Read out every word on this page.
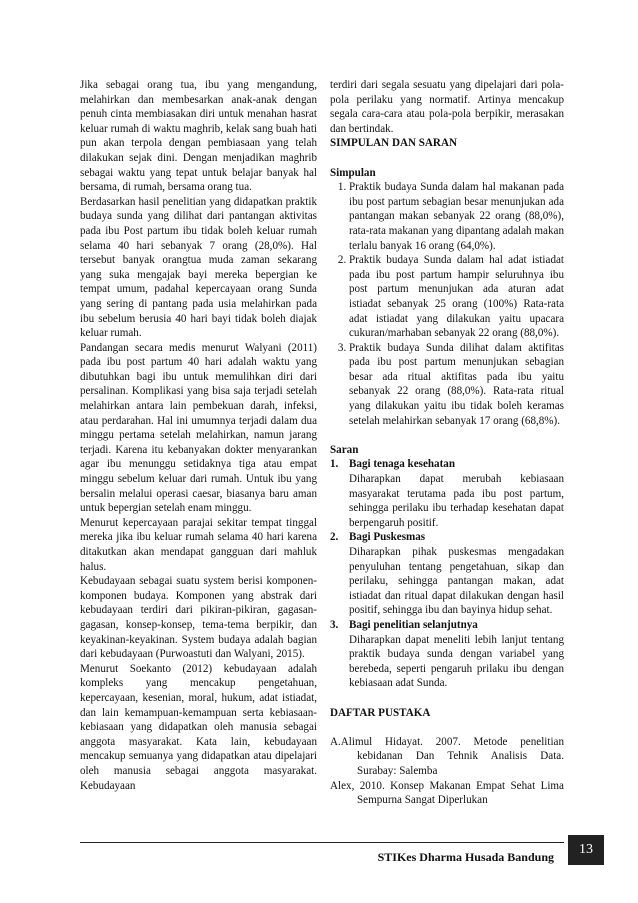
Jika sebagai orang tua, ibu yang mengandung, melahirkan dan membesarkan anak-anak dengan penuh cinta membiasakan diri untuk menahan hasrat keluar rumah di waktu maghrib, kelak sang buah hati pun akan terpola dengan pembiasaan yang telah dilakukan sejak dini. Dengan menjadikan maghrib sebagai waktu yang tepat untuk belajar banyak hal bersama, di rumah, bersama orang tua.

Berdasarkan hasil penelitian yang didapatkan praktik budaya sunda yang dilihat dari pantangan aktivitas pada ibu Post partum ibu tidak boleh keluar rumah selama 40 hari sebanyak 7 orang (28,0%). Hal tersebut banyak orangtua muda zaman sekarang yang suka mengajak bayi mereka bepergian ke tempat umum, padahal kepercayaan orang Sunda yang sering di pantang pada usia melahirkan pada ibu sebelum berusia 40 hari bayi tidak boleh diajak keluar rumah.

Pandangan secara medis menurut Walyani (2011) pada ibu post partum 40 hari adalah waktu yang dibutuhkan bagi ibu untuk memulihkan diri dari persalinan. Komplikasi yang bisa saja terjadi setelah melahirkan antara lain pembekuan darah, infeksi, atau perdarahan. Hal ini umumnya terjadi dalam dua minggu pertama setelah melahirkan, namun jarang terjadi. Karena itu kebanyakan dokter menyarankan agar ibu menunggu setidaknya tiga atau empat minggu sebelum keluar dari rumah. Untuk ibu yang bersalin melalui operasi caesar, biasanya baru aman untuk bepergian setelah enam minggu.

Menurut kepercayaan parajai sekitar tempat tinggal mereka jika ibu keluar rumah selama 40 hari karena ditakutkan akan mendapat gangguan dari mahluk halus.

Kebudayaan sebagai suatu system berisi komponen-komponen budaya. Komponen yang abstrak dari kebudayaan terdiri dari pikiran-pikiran, gagasan-gagasan, konsep-konsep, tema-tema berpikir, dan keyakinan-keyakinan. System budaya adalah bagian dari kebudayaan (Purwoastuti dan Walyani, 2015).

Menurut Soekanto (2012) kebudayaan adalah kompleks yang mencakup pengetahuan, kepercayaan, kesenian, moral, hukum, adat istiadat, dan lain kemampuan-kemampuan serta kebiasaan-kebiasaan yang didapatkan oleh manusia sebagai anggota masyarakat. Kata lain, kebudayaan mencakup semuanya yang didapatkan atau dipelajari oleh manusia sebagai anggota masyarakat. Kebudayaan

terdiri dari segala sesuatu yang dipelajari dari pola-pola perilaku yang normatif. Artinya mencakup segala cara-cara atau pola-pola berpikir, merasakan dan bertindak.

SIMPULAN DAN SARAN

Simpulan

1. Praktik budaya Sunda dalam hal makanan pada ibu post partum sebagian besar menunjukan ada pantangan makan sebanyak 22 orang (88,0%), rata-rata makanan yang dipantang adalah makan terlalu banyak 16 orang (64,0%).
2. Praktik budaya Sunda dalam hal adat istiadat pada ibu post partum hampir seluruhnya ibu post partum menunjukan ada aturan adat istiadat sebanyak 25 orang (100%) Rata-rata adat istiadat yang dilakukan yaitu upacara cukuran/marhaban sebanyak 22 orang (88,0%).
3. Praktik budaya Sunda dilihat dalam aktifitas pada ibu post partum menunjukan sebagian besar ada ritual aktifitas pada ibu yaitu sebanyak 22 orang (88,0%). Rata-rata ritual yang dilakukan yaitu ibu tidak boleh keramas setelah melahirkan sebanyak 17 orang (68,8%).

Saran

1. Bagi tenaga kesehatan

Diharapkan dapat merubah kebiasaan masyarakat terutama pada ibu post partum, sehingga perilaku ibu terhadap kesehatan dapat berpengaruh positif.

2. Bagi Puskesmas

Diharapkan pihak puskesmas mengadakan penyuluhan tentang pengetahuan, sikap dan perilaku, sehingga pantangan makan, adat istiadat dan ritual dapat dilakukan dengan hasil positif, sehingga ibu dan bayinya hidup sehat.

3. Bagi penelitian selanjutnya

Diharapkan dapat meneliti lebih lanjut tentang praktik budaya sunda dengan variabel yang berebeda, seperti pengaruh prilaku ibu dengan kebiasaan adat Sunda.

DAFTAR PUSTAKA

A.Alimul Hidayat. 2007. Metode penelitian kebidanan Dan Tehnik Analisis Data. Surabay: Salemba

Alex, 2010. Konsep Makanan Empat Sehat Lima Sempurna Sangat Diperlukan

STIKes Dharma Husada Bandung	13
